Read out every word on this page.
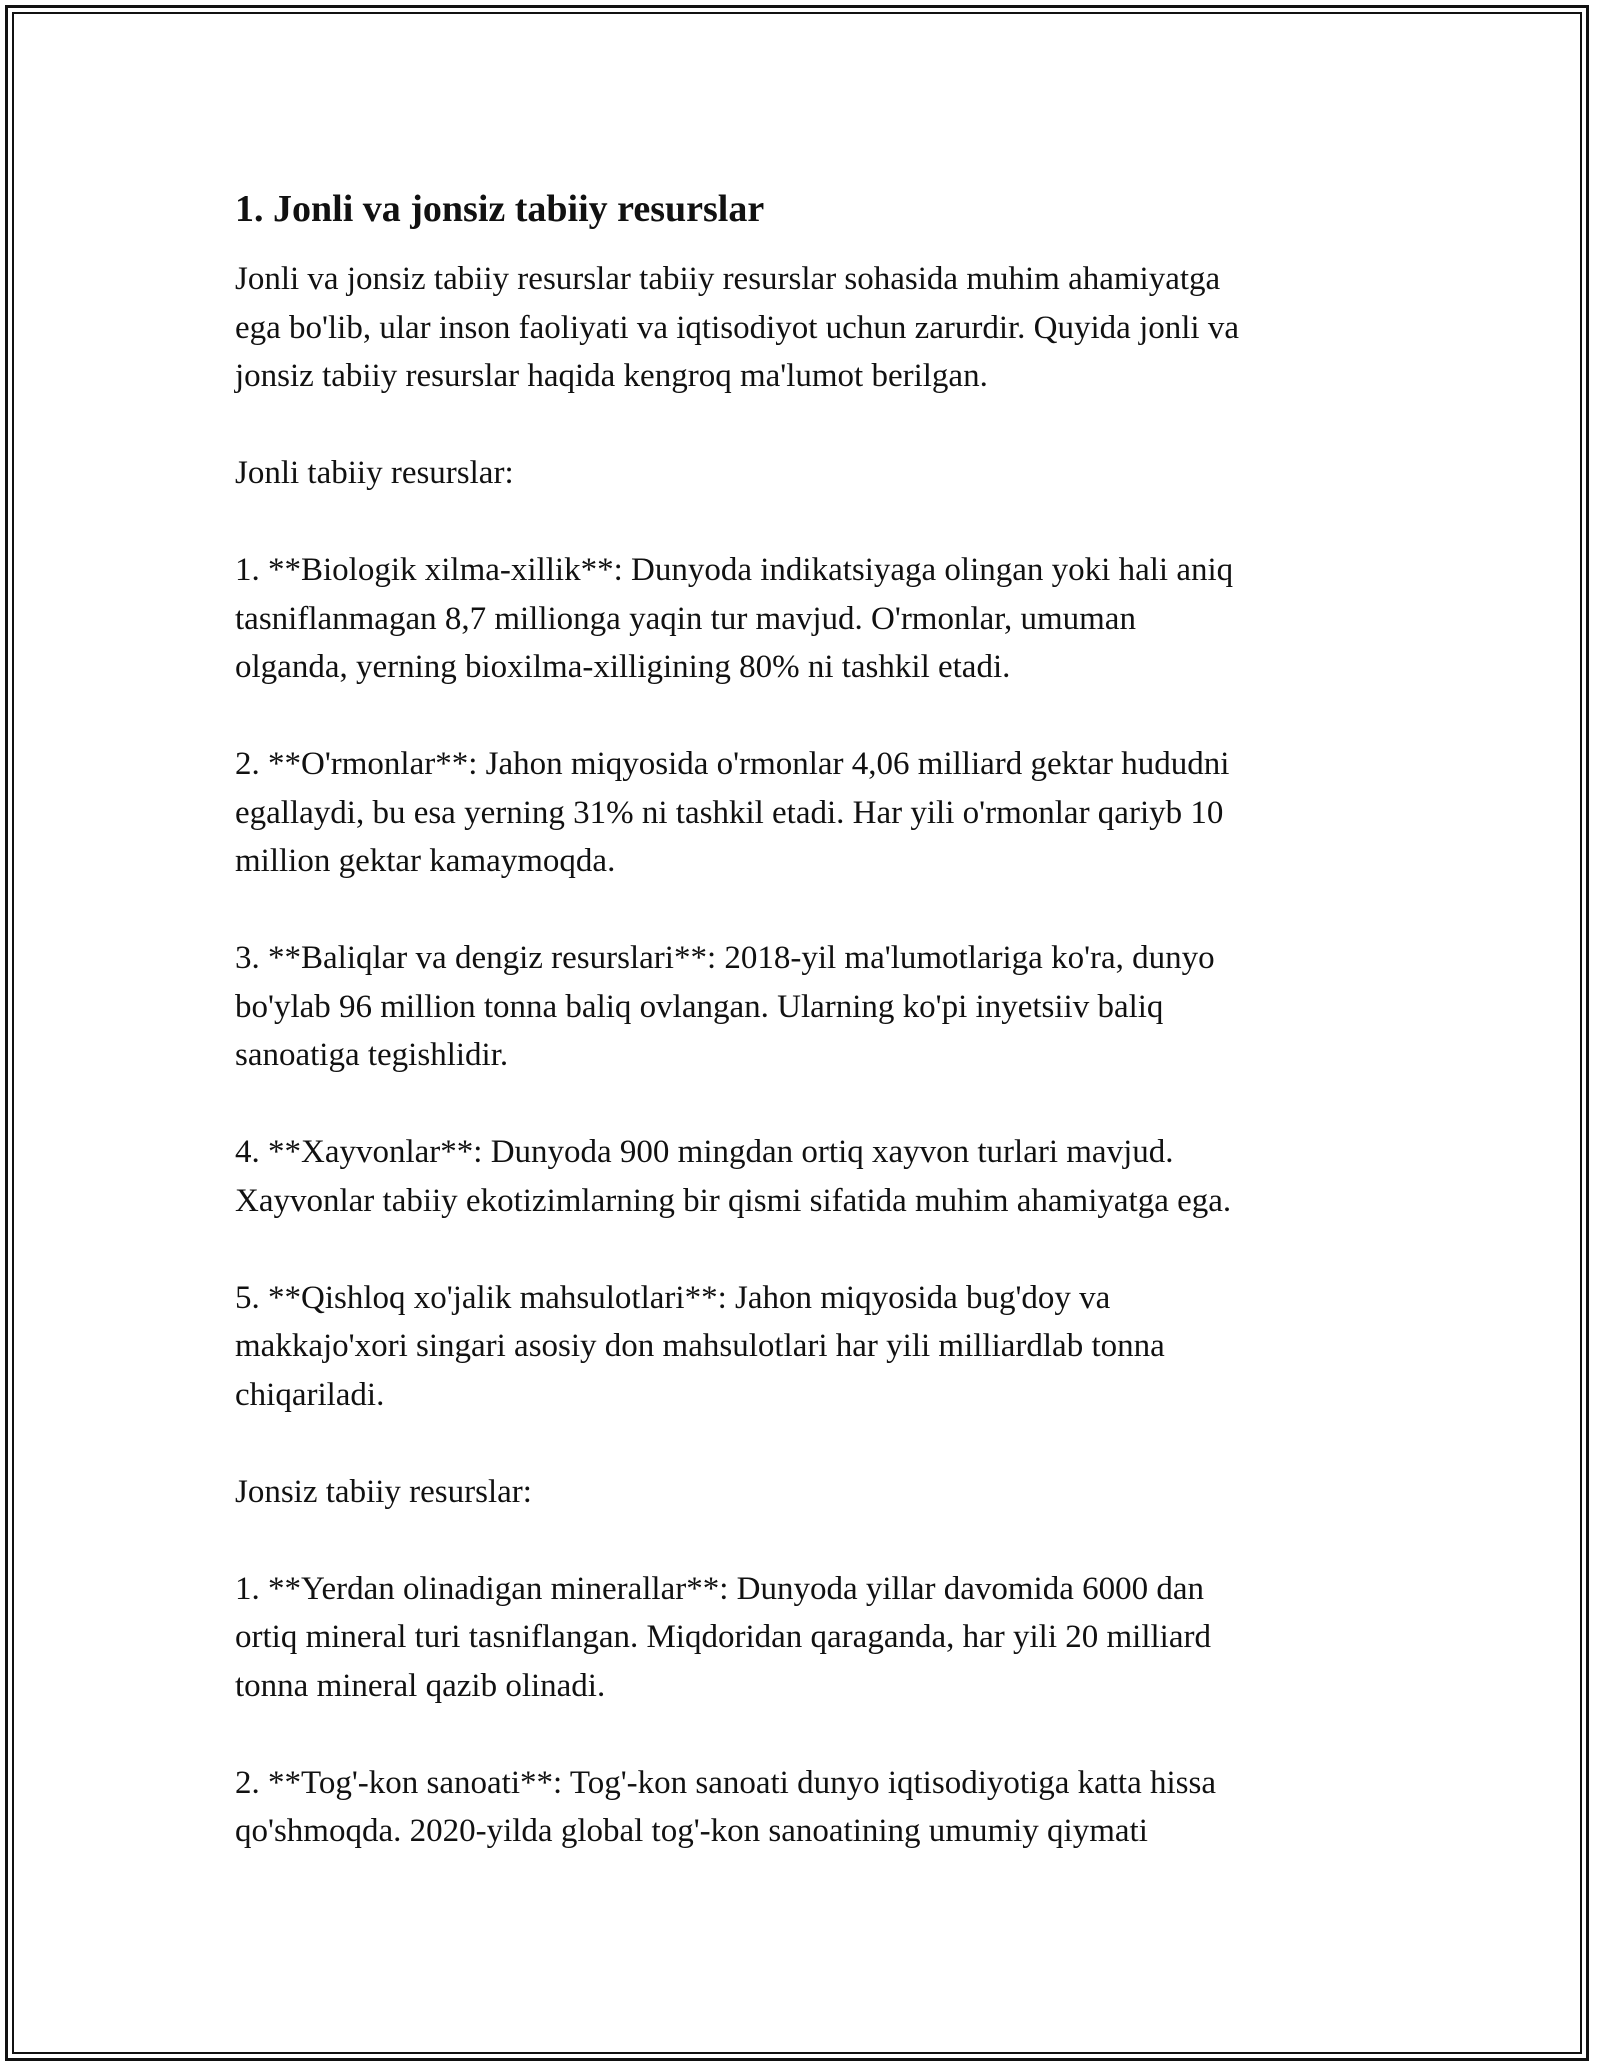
1. Jonli va jonsiz tabiiy resurslar

Jonli va jonsiz tabiiy resurslar tabiiy resurslar sohasida muhim ahamiyatga
ega bo'lib, ular inson faoliyati va iqtisodiyot uchun zarurdir. Quyida jonli va
jonsiz tabiiy resurslar haqida kengroq ma'lumot berilgan.

Jonli tabiiy resurslar:

1. **Biologik xilma-xillik**: Dunyoda indikatsiyaga olingan yoki hali aniq
tasniflanmagan 8,7 millionga yaqin tur mavjud. O'rmonlar, umuman
olganda, yerning bioxilma-xilligining 80% ni tashkil etadi.

2. **O'rmonlar**: Jahon miqyosida o'rmonlar 4,06 milliard gektar hududni
egallaydi, bu esa yerning 31% ni tashkil etadi. Har yili o'rmonlar qariyb 10
million gektar kamaymoqda.

3. **Baliqlar va dengiz resurslari**: 2018-yil ma'lumotlariga ko'ra, dunyo
bo'ylab 96 million tonna baliq ovlangan. Ularning ko'pi inyetsiiv baliq
sanoatiga tegishlidir.

4. **Xayvonlar**: Dunyoda 900 mingdan ortiq xayvon turlari mavjud.
Xayvonlar tabiiy ekotizimlarning bir qismi sifatida muhim ahamiyatga ega.

5. **Qishloq xo'jalik mahsulotlari**: Jahon miqyosida bug'doy va
makkajo'xori singari asosiy don mahsulotlari har yili milliardlab tonna
chiqariladi.

Jonsiz tabiiy resurslar:

1. **Yerdan olinadigan minerallar**: Dunyoda yillar davomida 6000 dan
ortiq mineral turi tasniflangan. Miqdoridan qaraganda, har yili 20 milliard
tonna mineral qazib olinadi.

2. **Tog'-kon sanoati**: Tog'-kon sanoati dunyo iqtisodiyotiga katta hissa
qo'shmoqda. 2020-yilda global tog'-kon sanoatining umumiy qiymati
